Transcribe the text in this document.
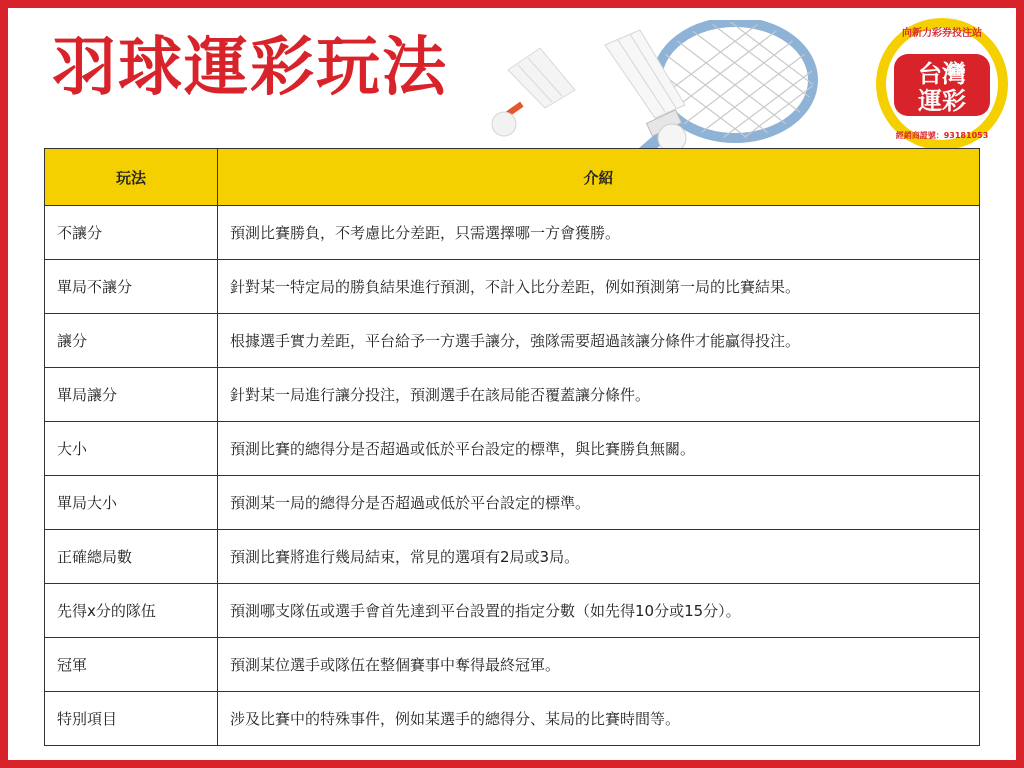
羽球運彩玩法	向新力彩券投注站
台灣
運彩
經銷商證號：93181053
玩法	介紹
不讓分	預測比賽勝負，不考慮比分差距，只需選擇哪一方會獲勝。
單局不讓分	針對某一特定局的勝負結果進行預測，不計入比分差距，例如預測第一局的比賽結果。
讓分	根據選手實力差距，平台給予一方選手讓分，強隊需要超過該讓分條件才能贏得投注。
單局讓分	針對某一局進行讓分投注，預測選手在該局能否覆蓋讓分條件。
大小	預測比賽的總得分是否超過或低於平台設定的標準，與比賽勝負無關。
單局大小	預測某一局的總得分是否超過或低於平台設定的標準。
正確總局數	預測比賽將進行幾局結束，常見的選項有2局或3局。
先得x分的隊伍	預測哪支隊伍或選手會首先達到平台設置的指定分數（如先得10分或15分）。
冠軍	預測某位選手或隊伍在整個賽事中奪得最終冠軍。
特別項目	涉及比賽中的特殊事件，例如某選手的總得分、某局的比賽時間等。
